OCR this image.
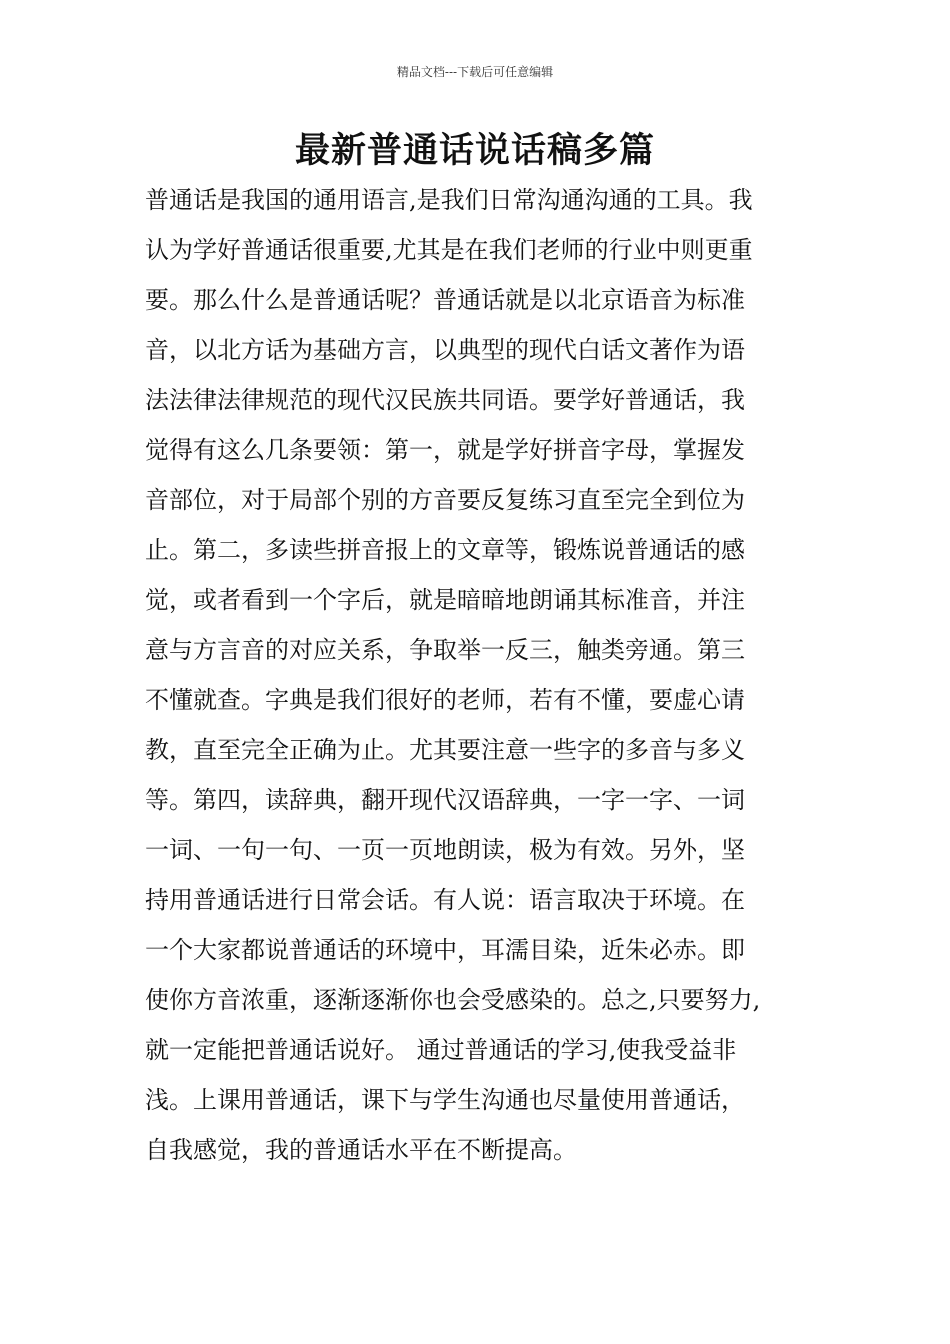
精品文档---下载后可任意编辑
最新普通话说话稿多篇
普通话是我国的通用语言,是我们日常沟通沟通的工具。我
认为学好普通话很重要,尤其是在我们老师的行业中则更重
要。那么什么是普通话呢？普通话就是以北京语音为标准
音，以北方话为基础方言，以典型的现代白话文著作为语
法法律法律规范的现代汉民族共同语。要学好普通话，我
觉得有这么几条要领：第一，就是学好拼音字母，掌握发
音部位，对于局部个别的方音要反复练习直至完全到位为
止。第二，多读些拼音报上的文章等，锻炼说普通话的感
觉，或者看到一个字后，就是暗暗地朗诵其标准音，并注
意与方言音的对应关系，争取举一反三，触类旁通。第三
不懂就查。字典是我们很好的老师，若有不懂，要虚心请
教，直至完全正确为止。尤其要注意一些字的多音与多义
等。第四，读辞典，翻开现代汉语辞典，一字一字、一词
一词、一句一句、一页一页地朗读，极为有效。另外，坚
持用普通话进行日常会话。有人说：语言取决于环境。在
一个大家都说普通话的环境中，耳濡目染，近朱必赤。即
使你方音浓重，逐渐逐渐你也会受感染的。总之,只要努力,
就一定能把普通话说好。 通过普通话的学习,使我受益非
浅。上课用普通话，课下与学生沟通也尽量使用普通话，
自我感觉，我的普通话水平在不断提高。
